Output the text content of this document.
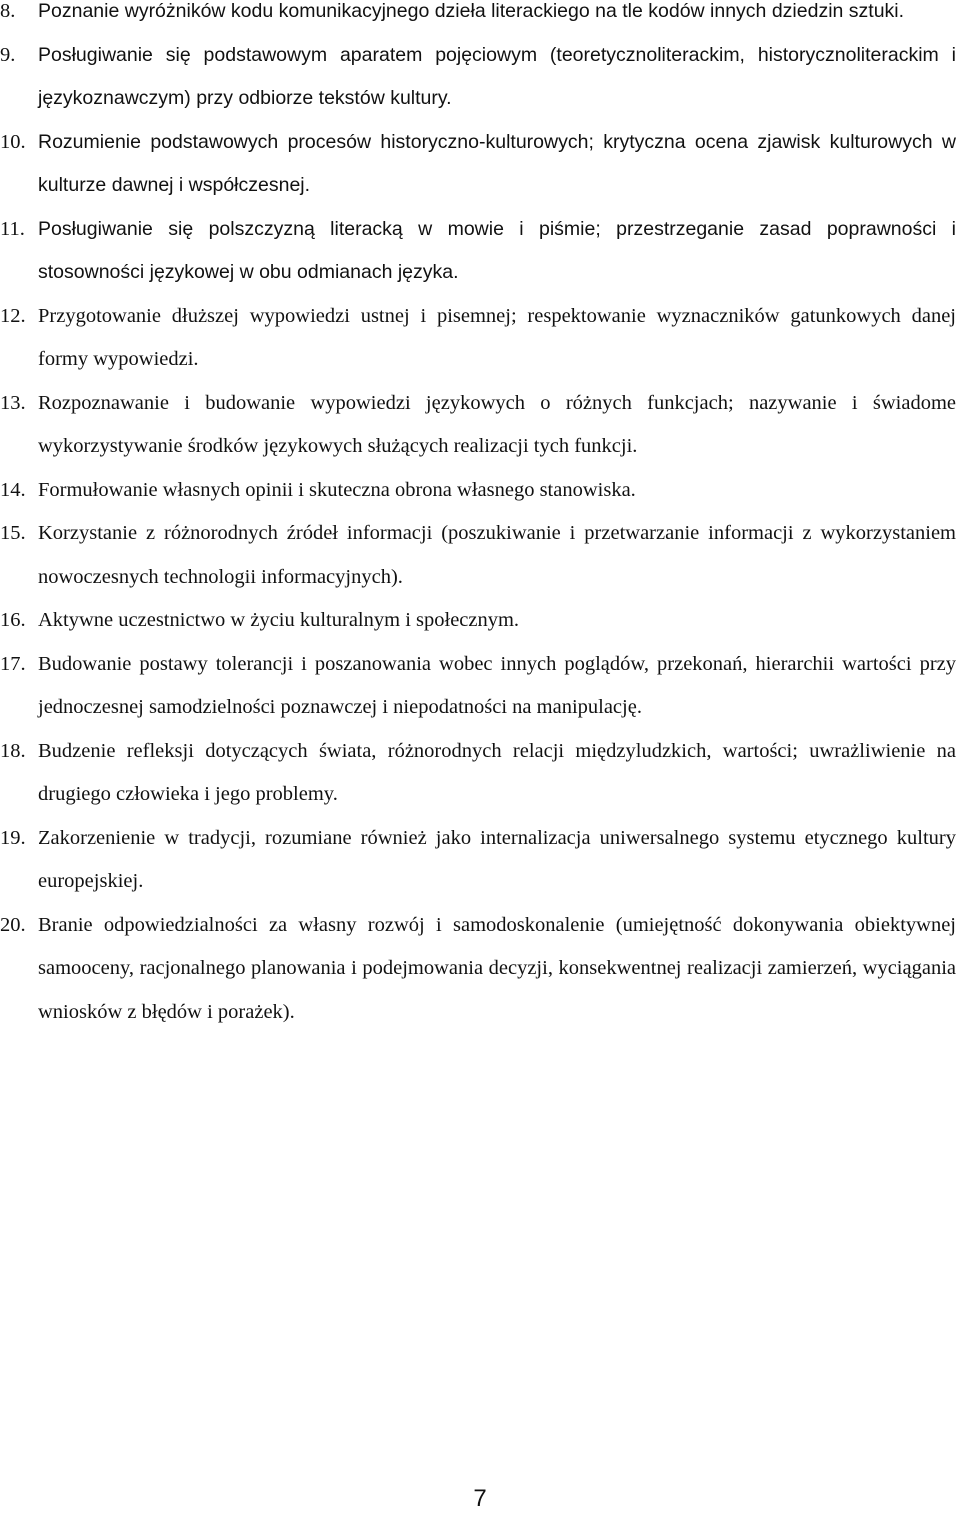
8.	Poznanie wyróżników kodu komunikacyjnego dzieła literackiego na tle kodów innych dziedzin sztuki.
9.	Posługiwanie się podstawowym aparatem pojęciowym (teoretycznoliterackim, historycznoliterackim i językoznawczym) przy odbiorze tekstów kultury.
10. Rozumienie podstawowych procesów historyczno-kulturowych; krytyczna ocena zjawisk kulturowych w kulturze dawnej i współczesnej.
11. Posługiwanie się polszczyzną literacką w mowie i piśmie; przestrzeganie zasad poprawności i stosowności językowej w obu odmianach języka.
12. Przygotowanie dłuższej wypowiedzi ustnej i pisemnej; respektowanie wyznaczników gatunkowych danej formy wypowiedzi.
13. Rozpoznawanie i budowanie wypowiedzi językowych o różnych funkcjach; nazywanie i świadome wykorzystywanie środków językowych służących realizacji tych funkcji.
14. Formułowanie własnych opinii i skuteczna obrona własnego stanowiska.
15. Korzystanie z różnorodnych źródeł informacji (poszukiwanie i przetwarzanie informacji z wykorzystaniem nowoczesnych technologii informacyjnych).
16. Aktywne uczestnictwo w życiu kulturalnym i społecznym.
17. Budowanie postawy tolerancji i poszanowania wobec innych poglądów, przekonań, hierarchii wartości przy jednoczesnej samodzielności poznawczej i niepodatności na manipulację.
18. Budzenie refleksji dotyczących świata, różnorodnych relacji międzyludzkich, wartości; uwrażliwienie na drugiego człowieka i jego problemy.
19. Zakorzenienie w tradycji, rozumiane również jako internalizacja uniwersalnego systemu etycznego kultury europejskiej.
20. Branie odpowiedzialności za własny rozwój i samodoskonalenie (umiejętność dokonywania obiektywnej samooceny, racjonalnego planowania i podejmowania decyzji, konsekwentnej realizacji zamierzeń, wyciągania wniosków z błędów i porażek).
7
